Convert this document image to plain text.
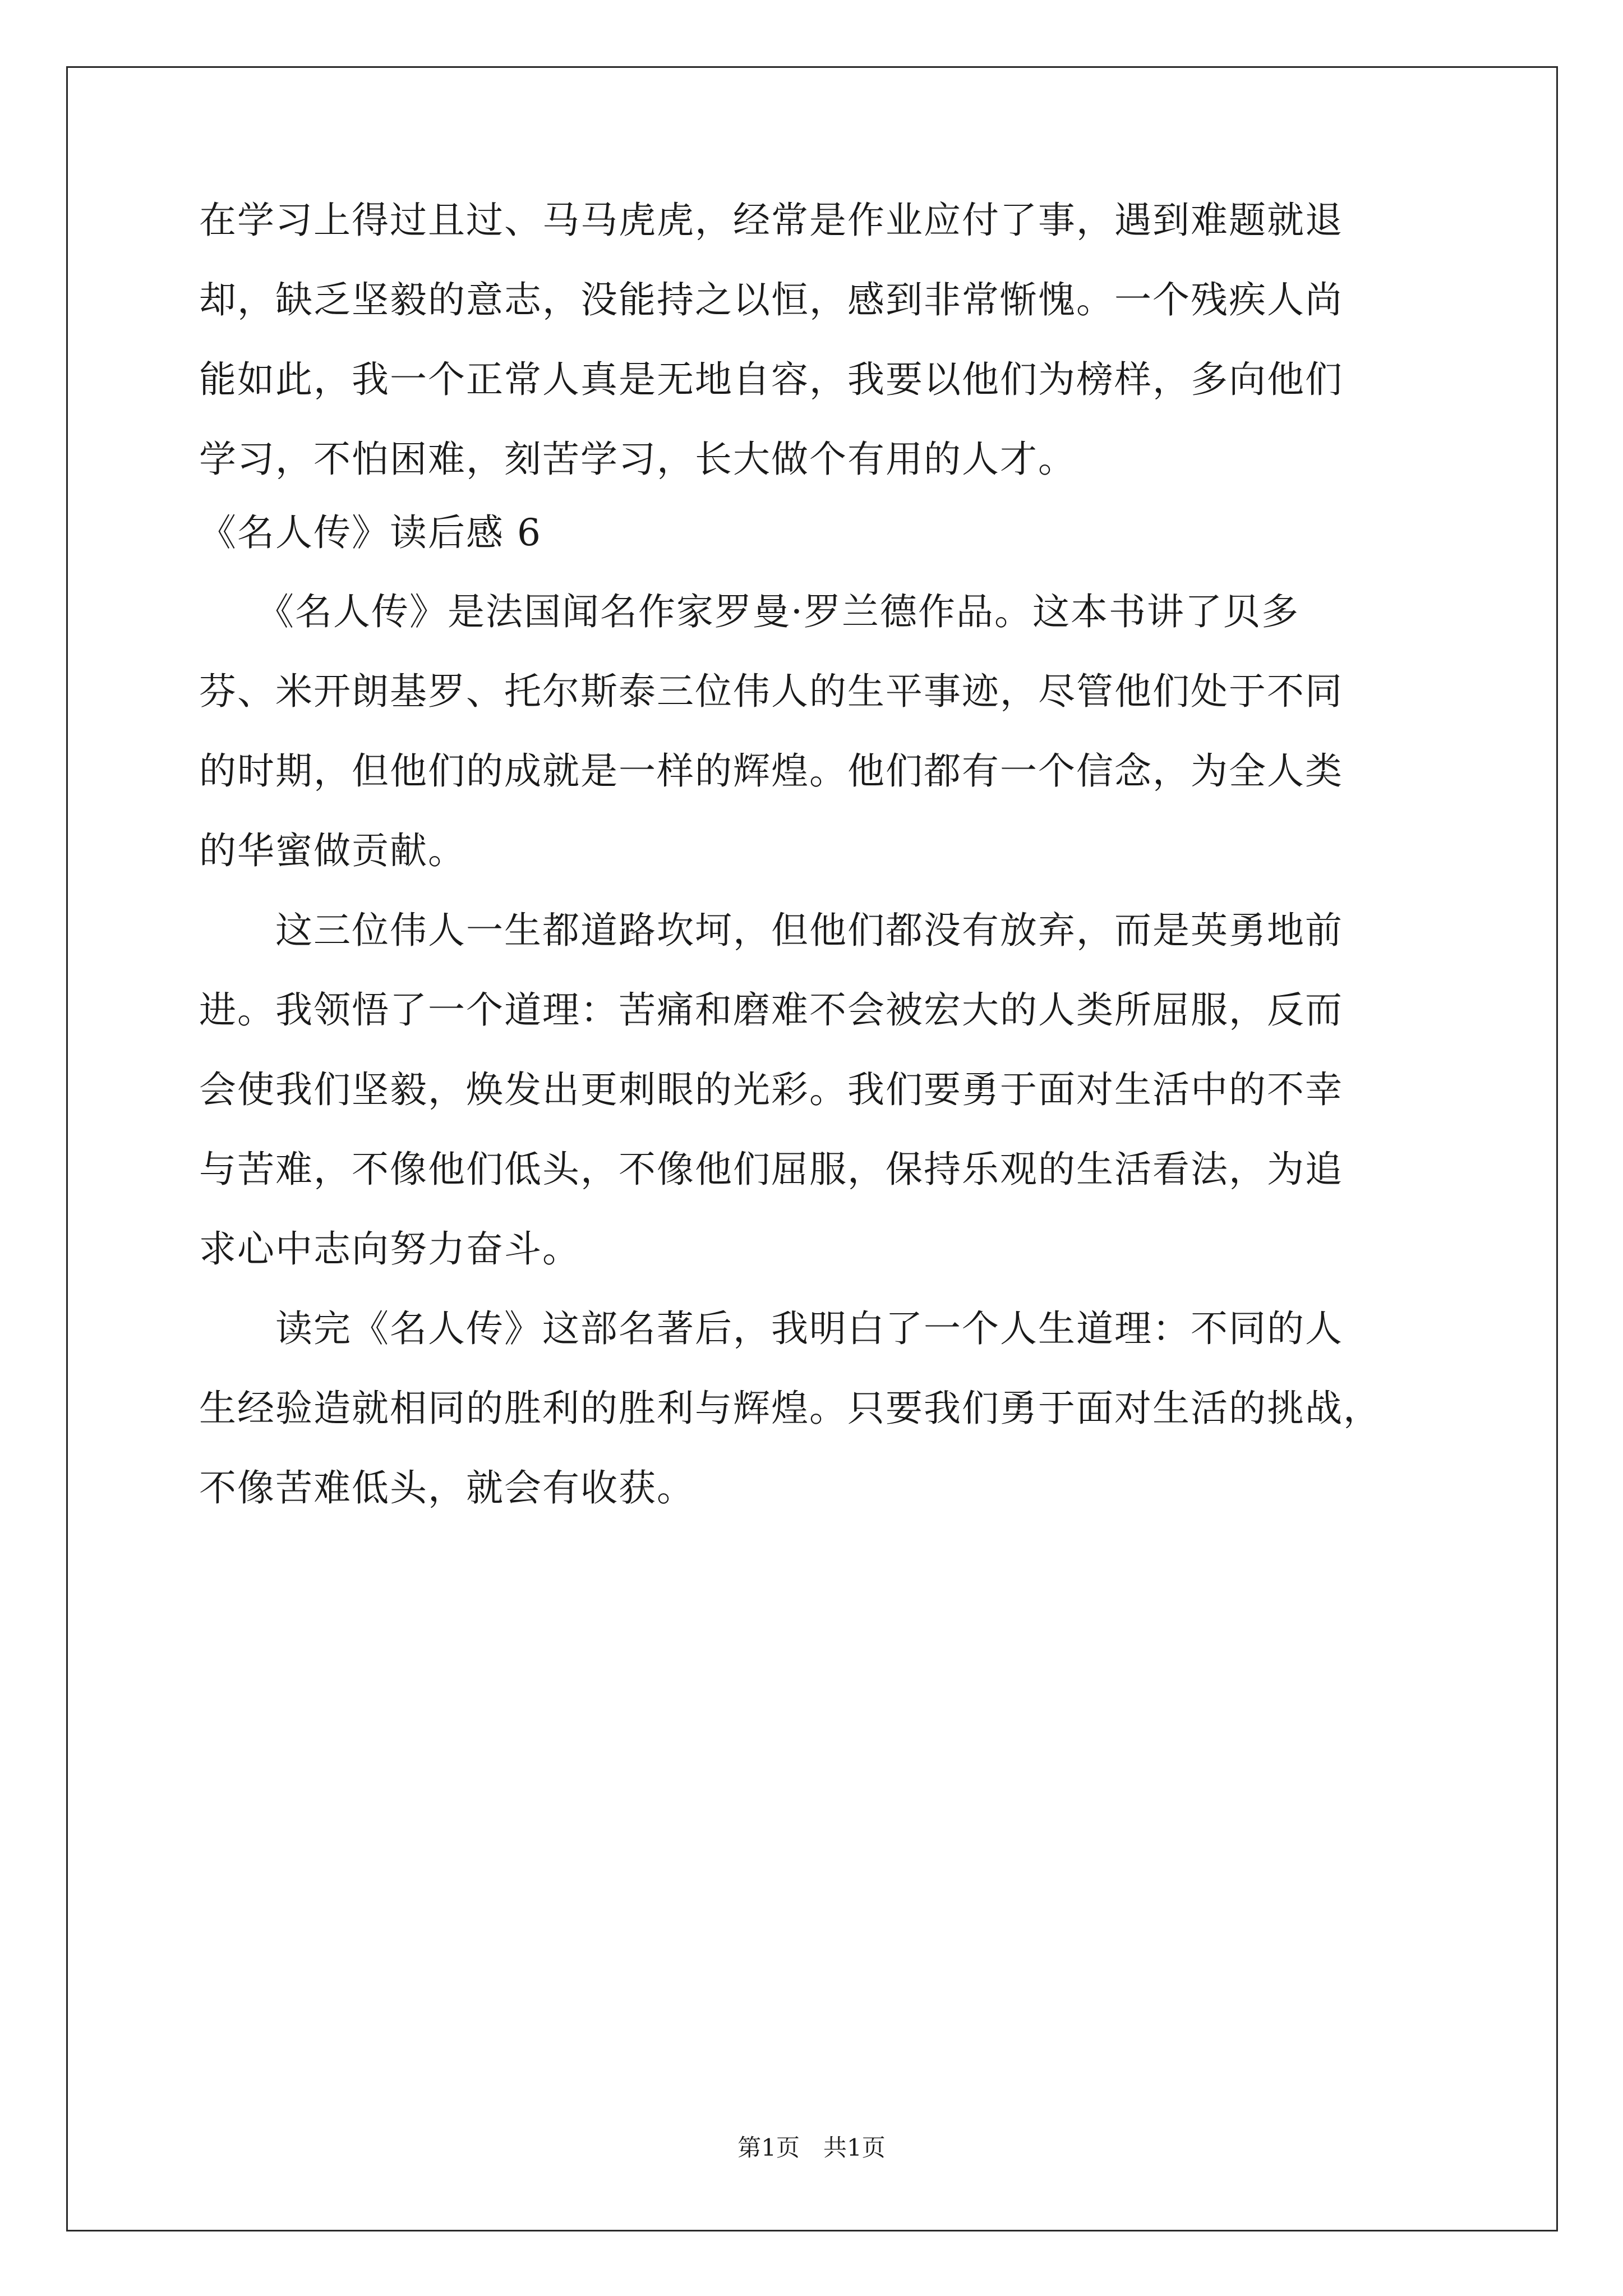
在学习上得过且过、马马虎虎，经常是作业应付了事，遇到难题就退
却，缺乏坚毅的意志，没能持之以恒，感到非常惭愧。一个残疾人尚
能如此，我一个正常人真是无地自容，我要以他们为榜样，多向他们
学习，不怕困难，刻苦学习，长大做个有用的人才。
《名人传》读后感 6
　　《名人传》是法国闻名作家罗曼·罗兰德作品。这本书讲了贝多
芬、米开朗基罗、托尔斯泰三位伟人的生平事迹，尽管他们处于不同
的时期，但他们的成就是一样的辉煌。他们都有一个信念，为全人类
的华蜜做贡献。
　　这三位伟人一生都道路坎坷，但他们都没有放弃，而是英勇地前
进。我领悟了一个道理：苦痛和磨难不会被宏大的人类所屈服，反而
会使我们坚毅，焕发出更刺眼的光彩。我们要勇于面对生活中的不幸
与苦难，不像他们低头，不像他们屈服，保持乐观的生活看法，为追
求心中志向努力奋斗。
　　读完《名人传》这部名著后，我明白了一个人生道理：不同的人
生经验造就相同的胜利的胜利与辉煌。只要我们勇于面对生活的挑战，
不像苦难低头，就会有收获。
第1页　共1页
